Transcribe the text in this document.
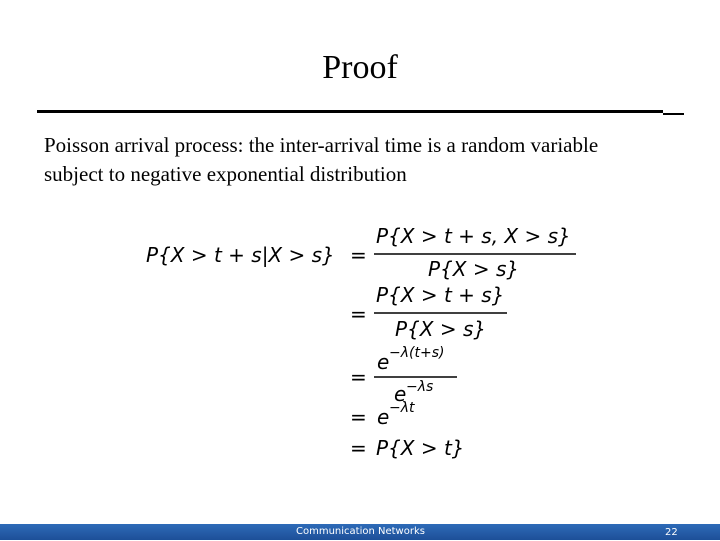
Proof
Poisson arrival process: the inter-arrival time is a random variable
subject to negative exponential distribution
P{X > t + s|X > s} =
P{X > t + s, X > s}
P{X > s}
P{X > t + s}
=
P{X > s}
e −λ(t+s)
=
e −λs
= e −λt
= P{X > t}
Communication Networks	22
